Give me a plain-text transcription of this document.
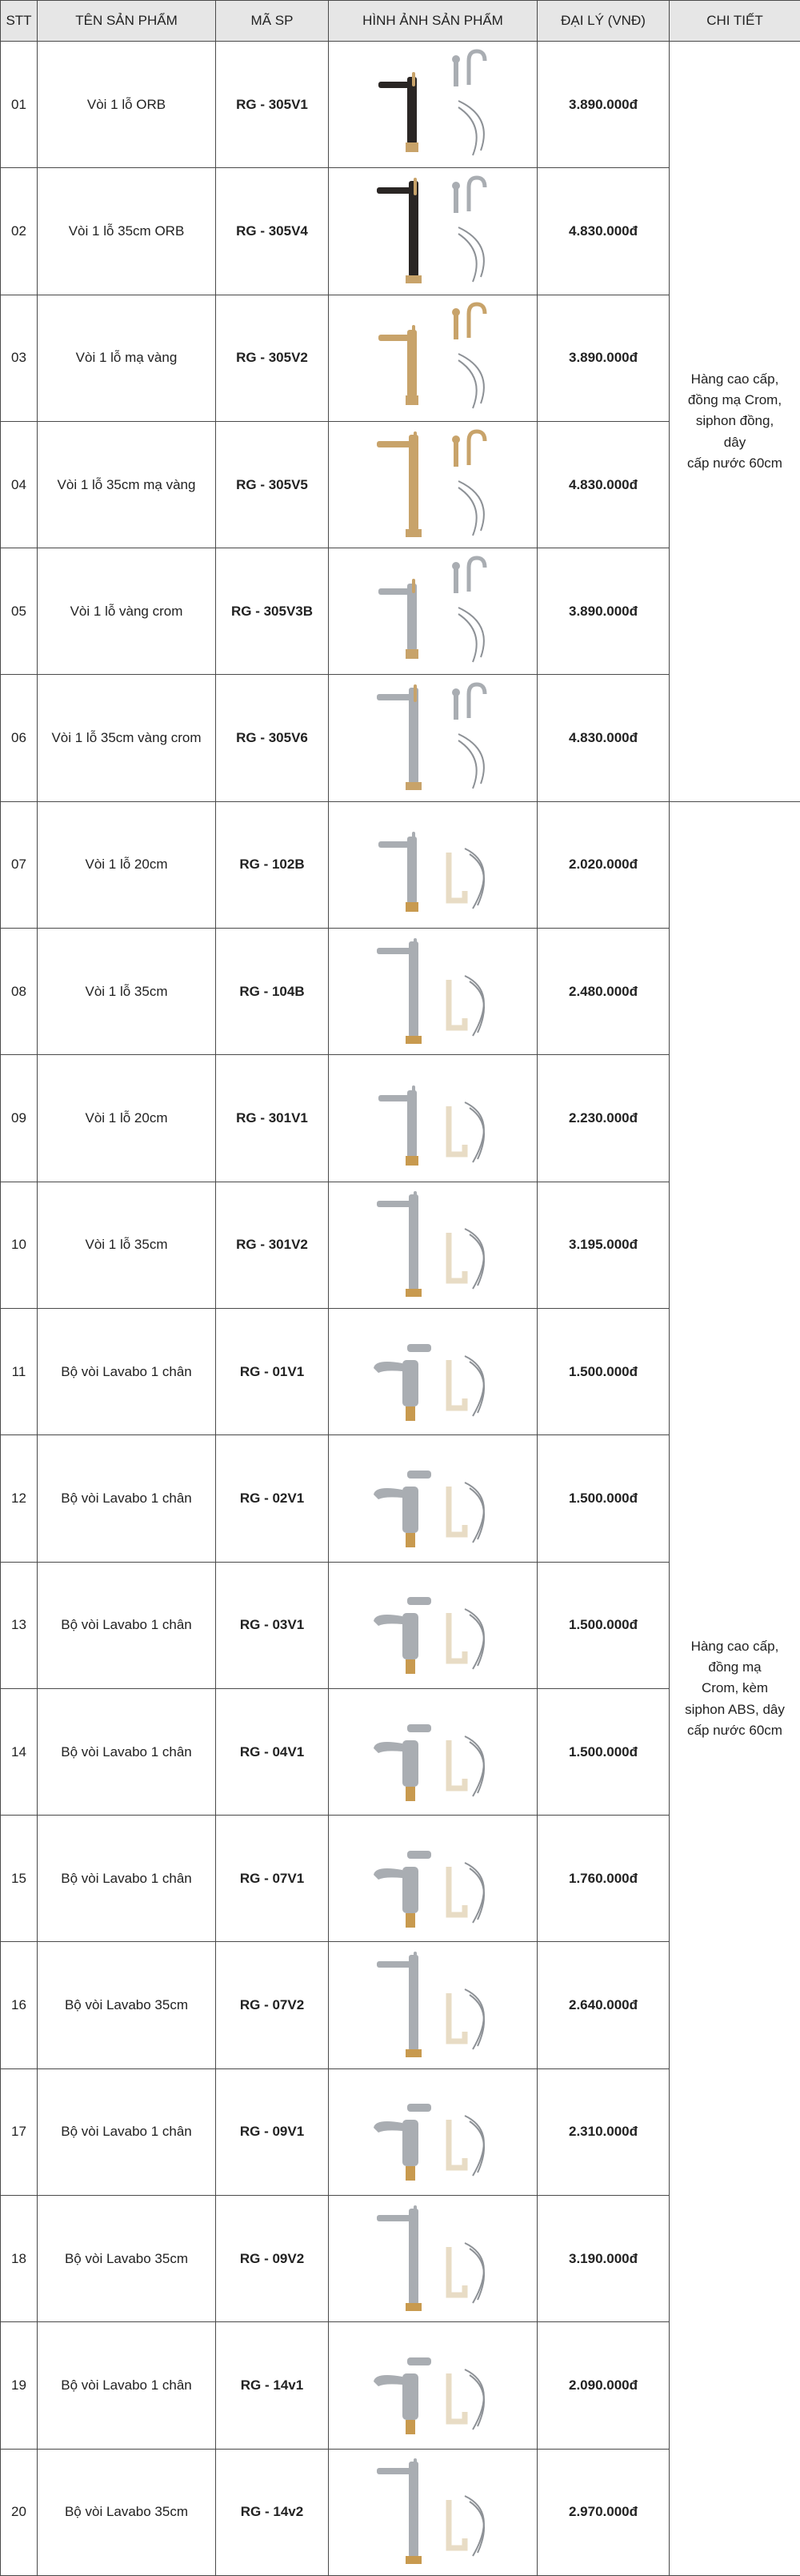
STT	TÊN SẢN PHẨM	MÃ SP	HÌNH ẢNH SẢN PHẨM	ĐẠI LÝ (VNĐ)	CHI TIẾT
01	Vòi 1 lỗ ORB	RG - 305V1		3.890.000đ	Hàng cao cấp,
đồng mạ Crom,
siphon đồng,
dây
cấp nước 60cm

02	Vòi 1 lỗ 35cm ORB	RG - 305V4		4.830.000đ	
03	Vòi 1 lỗ mạ vàng	RG - 305V2		3.890.000đ	
04	Vòi 1 lỗ 35cm mạ vàng	RG - 305V5		4.830.000đ	
05	Vòi 1 lỗ vàng crom	RG - 305V3B		3.890.000đ	
06	Vòi 1 lỗ 35cm vàng crom	RG - 305V6		4.830.000đ	
07	Vòi 1 lỗ 20cm	RG - 102B		2.020.000đ	Hàng cao cấp,
đồng mạ
Crom, kèm
siphon ABS, dây
cấp nước 60cm

08	Vòi 1 lỗ 35cm	RG - 104B		2.480.000đ	
09	Vòi 1 lỗ 20cm	RG - 301V1		2.230.000đ	
10	Vòi 1 lỗ 35cm	RG - 301V2		3.195.000đ	
11	Bộ vòi Lavabo 1 chân	RG - 01V1		1.500.000đ	
12	Bộ vòi Lavabo 1 chân	RG - 02V1		1.500.000đ	
13	Bộ vòi Lavabo 1 chân	RG - 03V1		1.500.000đ	
14	Bộ vòi Lavabo 1 chân	RG - 04V1		1.500.000đ	
15	Bộ vòi Lavabo 1 chân	RG - 07V1		1.760.000đ	
16	Bộ vòi Lavabo 35cm	RG - 07V2		2.640.000đ	
17	Bộ vòi Lavabo 1 chân	RG - 09V1		2.310.000đ	
18	Bộ vòi Lavabo 35cm	RG - 09V2		3.190.000đ	
19	Bộ vòi Lavabo 1 chân	RG - 14v1		2.090.000đ	
20	Bộ vòi Lavabo 35cm	RG - 14v2		2.970.000đ	
